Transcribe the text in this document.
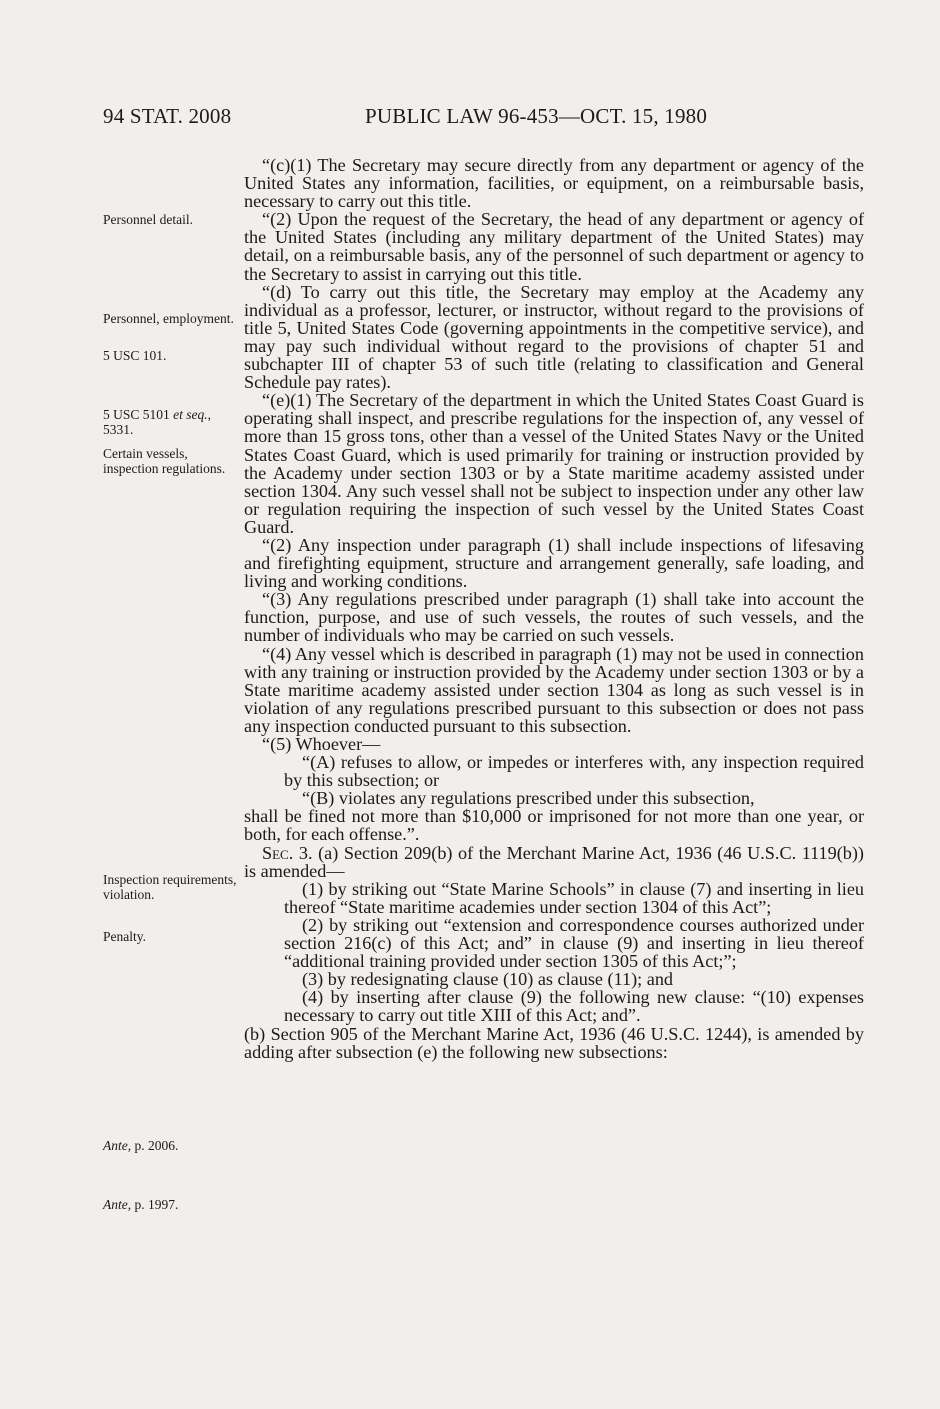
94 STAT. 2008	PUBLIC LAW 96-453—OCT. 15, 1980
Personnel detail.
Personnel, employment.
5 USC 101.
5 USC 5101 et seq., 5331.
Certain vessels, inspection regulations.
Inspection requirements, violation.
Penalty.
Ante, p. 2006.
Ante, p. 1997.

“(c)(1) The Secretary may secure directly from any department or agency of the United States any information, facilities, or equipment, on a reimbursable basis, necessary to carry out this title.

“(2) Upon the request of the Secretary, the head of any department or agency of the United States (including any military department of the United States) may detail, on a reimbursable basis, any of the personnel of such department or agency to the Secretary to assist in carrying out this title.

“(d) To carry out this title, the Secretary may employ at the Academy any individual as a professor, lecturer, or instructor, without regard to the provisions of title 5, United States Code (governing appointments in the competitive service), and may pay such individual without regard to the provisions of chapter 51 and subchapter III of chapter 53 of such title (relating to classification and General Schedule pay rates).

“(e)(1) The Secretary of the department in which the United States Coast Guard is operating shall inspect, and prescribe regulations for the inspection of, any vessel of more than 15 gross tons, other than a vessel of the United States Navy or the United States Coast Guard, which is used primarily for training or instruction provided by the Academy under section 1303 or by a State maritime academy assisted under section 1304. Any such vessel shall not be subject to inspection under any other law or regulation requiring the inspection of such vessel by the United States Coast Guard.

“(2) Any inspection under paragraph (1) shall include inspections of lifesaving and firefighting equipment, structure and arrangement generally, safe loading, and living and working conditions.

“(3) Any regulations prescribed under paragraph (1) shall take into account the function, purpose, and use of such vessels, the routes of such vessels, and the number of individuals who may be carried on such vessels.

“(4) Any vessel which is described in paragraph (1) may not be used in connection with any training or instruction provided by the Academy under section 1303 or by a State maritime academy assisted under section 1304 as long as such vessel is in violation of any regulations prescribed pursuant to this subsection or does not pass any inspection conducted pursuant to this subsection.

“(5) Whoever—

“(A) refuses to allow, or impedes or interferes with, any inspection required by this subsection; or

“(B) violates any regulations prescribed under this subsection,

shall be fined not more than $10,000 or imprisoned for not more than one year, or both, for each offense.”.

Sec. 3. (a) Section 209(b) of the Merchant Marine Act, 1936 (46 U.S.C. 1119(b)) is amended—

(1) by striking out “State Marine Schools” in clause (7) and inserting in lieu thereof “State maritime academies under section 1304 of this Act”;

(2) by striking out “extension and correspondence courses authorized under section 216(c) of this Act; and” in clause (9) and inserting in lieu thereof “additional training provided under section 1305 of this Act;”;

(3) by redesignating clause (10) as clause (11); and

(4) by inserting after clause (9) the following new clause: “(10) expenses necessary to carry out title XIII of this Act; and”.

(b) Section 905 of the Merchant Marine Act, 1936 (46 U.S.C. 1244), is amended by adding after subsection (e) the following new subsections:
